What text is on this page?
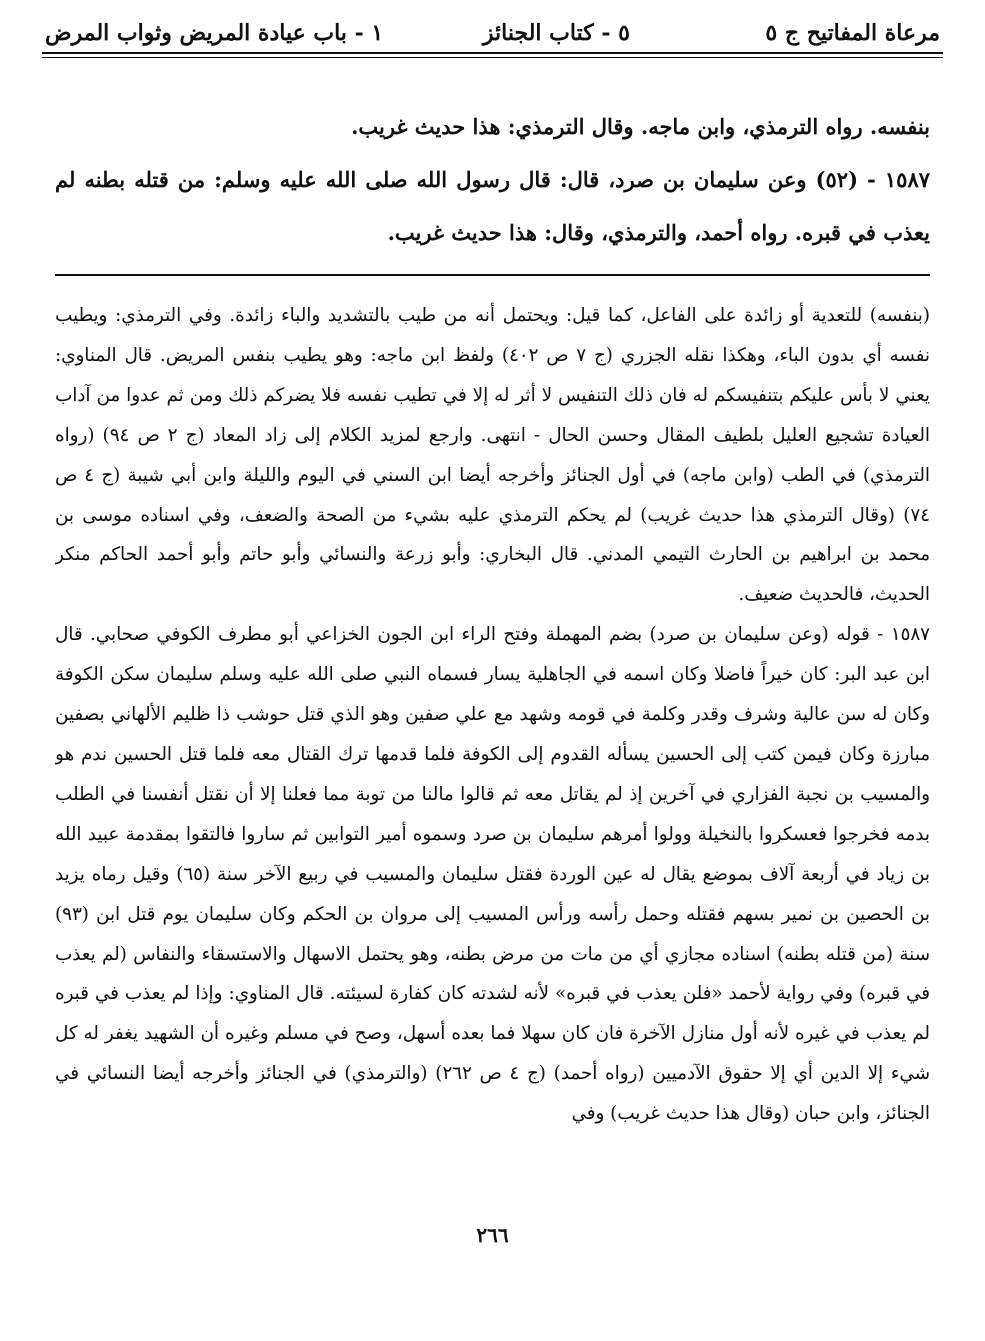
مرعاة المفاتيح ج ٥
٥ - كتاب الجنائز
١ - باب عيادة المريض وثواب المرض

بنفسه. رواه الترمذي، وابن ماجه. وقال الترمذي: هذا حديث غريب.

١٥٨٧ - (٥٢) وعن سليمان بن صرد، قال: قال رسول الله صلى الله عليه وسلم: من قتله بطنه لم يعذب في قبره. رواه أحمد، والترمذي، وقال: هذا حديث غريب.

(بنفسه) للتعدية أو زائدة على الفاعل، كما قيل: ويحتمل أنه من طيب بالتشديد والباء زائدة. وفي الترمذي: ويطيب نفسه أي بدون الباء، وهكذا نقله الجزري (ج ٧ ص ٤٠٢) ولفظ ابن ماجه: وهو يطيب بنفس المريض. قال المناوي: يعني لا بأس عليكم بتنفيسكم له فان ذلك التنفيس لا أثر له إلا في تطيب نفسه فلا يضركم ذلك ومن ثم عدوا من آداب العيادة تشجيع العليل بلطيف المقال وحسن الحال - انتهى. وارجع لمزيد الكلام إلى زاد المعاد (ج ٢ ص ٩٤) (رواه الترمذي) في الطب (وابن ماجه) في أول الجنائز وأخرجه أيضا ابن السني في اليوم والليلة وابن أبي شيبة (ج ٤ ص ٧٤) (وقال الترمذي هذا حديث غريب) لم يحكم الترمذي عليه بشيء من الصحة والضعف، وفي اسناده موسى بن محمد بن ابراهيم بن الحارث التيمي المدني. قال البخاري: وأبو زرعة والنسائي وأبو حاتم وأبو أحمد الحاكم منكر الحديث، فالحديث ضعيف.

١٥٨٧ - قوله (وعن سليمان بن صرد) بضم المهملة وفتح الراء ابن الجون الخزاعي أبو مطرف الكوفي صحابي. قال ابن عبد البر: كان خيراً فاضلا وكان اسمه في الجاهلية يسار فسماه النبي صلى الله عليه وسلم سليمان سكن الكوفة وكان له سن عالية وشرف وقدر وكلمة في قومه وشهد مع علي صفين وهو الذي قتل حوشب ذا ظليم الألهاني بصفين مبارزة وكان فيمن كتب إلى الحسين يسأله القدوم إلى الكوفة فلما قدمها ترك القتال معه فلما قتل الحسين ندم هو والمسيب بن نجبة الفزاري في آخرين إذ لم يقاتل معه ثم قالوا مالنا من توبة مما فعلنا إلا أن نقتل أنفسنا في الطلب بدمه فخرجوا فعسكروا بالنخيلة وولوا أمرهم سليمان بن صرد وسموه أمير التوابين ثم ساروا فالتقوا بمقدمة عبيد الله بن زياد في أربعة آلاف بموضع يقال له عين الوردة فقتل سليمان والمسيب في ربيع الآخر سنة (٦٥) وقيل رماه يزيد بن الحصين بن نمير بسهم فقتله وحمل رأسه ورأس المسيب إلى مروان بن الحكم وكان سليمان يوم قتل ابن (٩٣) سنة (من قتله بطنه) اسناده مجازي أي من مات من مرض بطنه، وهو يحتمل الاسهال والاستسقاء والنفاس (لم يعذب في قبره) وفي رواية لأحمد «فلن يعذب في قبره» لأنه لشدته كان كفارة لسيئته. قال المناوي: وإذا لم يعذب في قبره لم يعذب في غيره لأنه أول منازل الآخرة فان كان سهلا فما بعده أسهل، وصح في مسلم وغيره أن الشهيد يغفر له كل شيء إلا الدين أي إلا حقوق الآدميين (رواه أحمد) (ج ٤ ص ٢٦٢) (والترمذي) في الجنائز وأخرجه أيضا النسائي في الجنائز، وابن حبان (وقال هذا حديث غريب) وفي

٢٦٦
